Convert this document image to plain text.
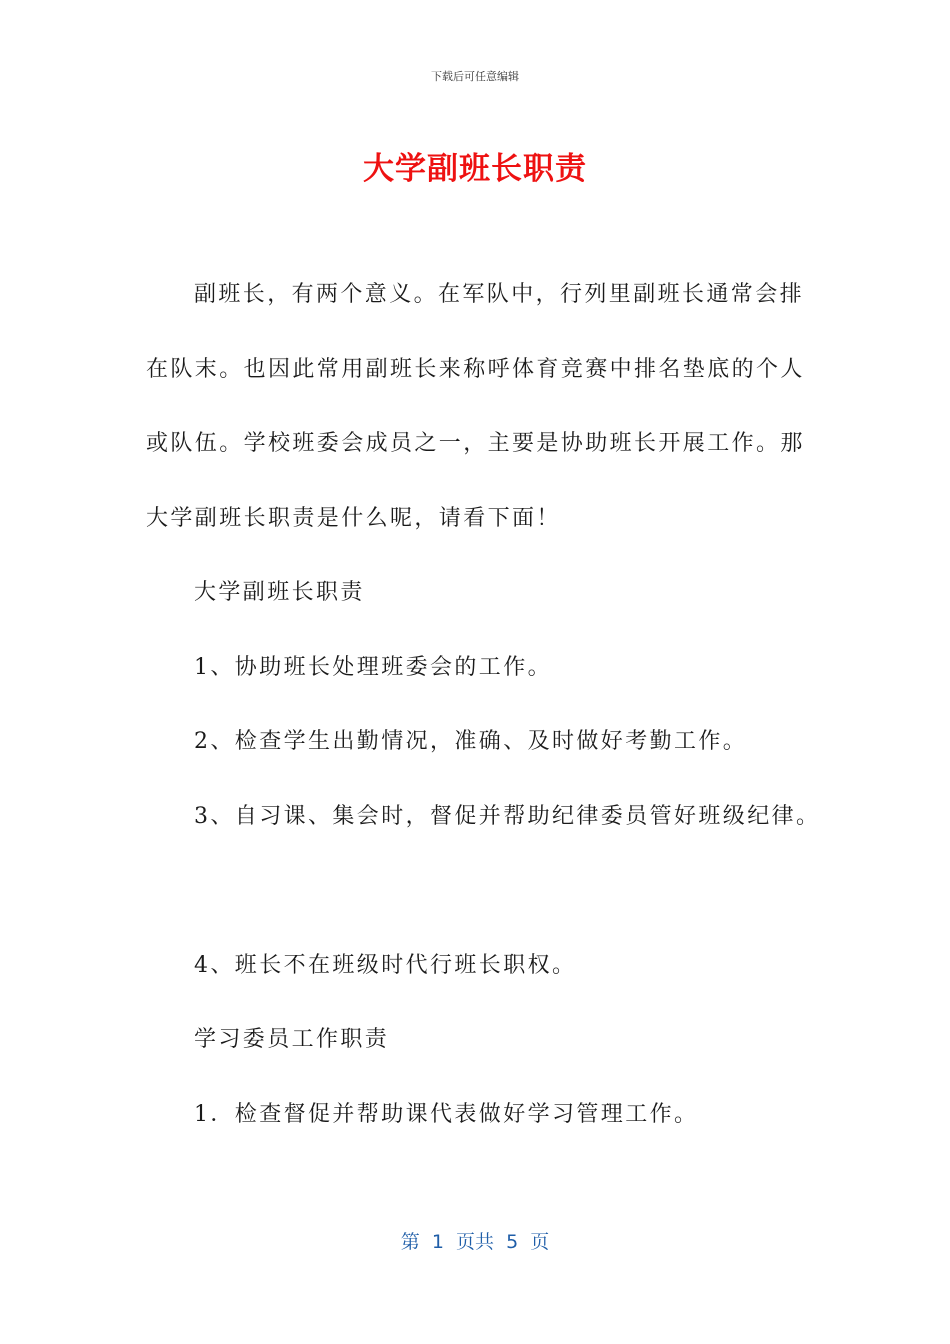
下载后可任意编辑
大学副班长职责
副班长，有两个意义。在军队中，行列里副班长通常会排
在队末。也因此常用副班长来称呼体育竞赛中排名垫底的个人
或队伍。学校班委会成员之一，主要是协助班长开展工作。那
大学副班长职责是什么呢，请看下面！
大学副班长职责
1、协助班长处理班委会的工作。
2、检查学生出勤情况，准确、及时做好考勤工作。
3、自习课、集会时，督促并帮助纪律委员管好班级纪律。
4、班长不在班级时代行班长职权。
学习委员工作职责
1．检查督促并帮助课代表做好学习管理工作。
第  1  页共  5  页
